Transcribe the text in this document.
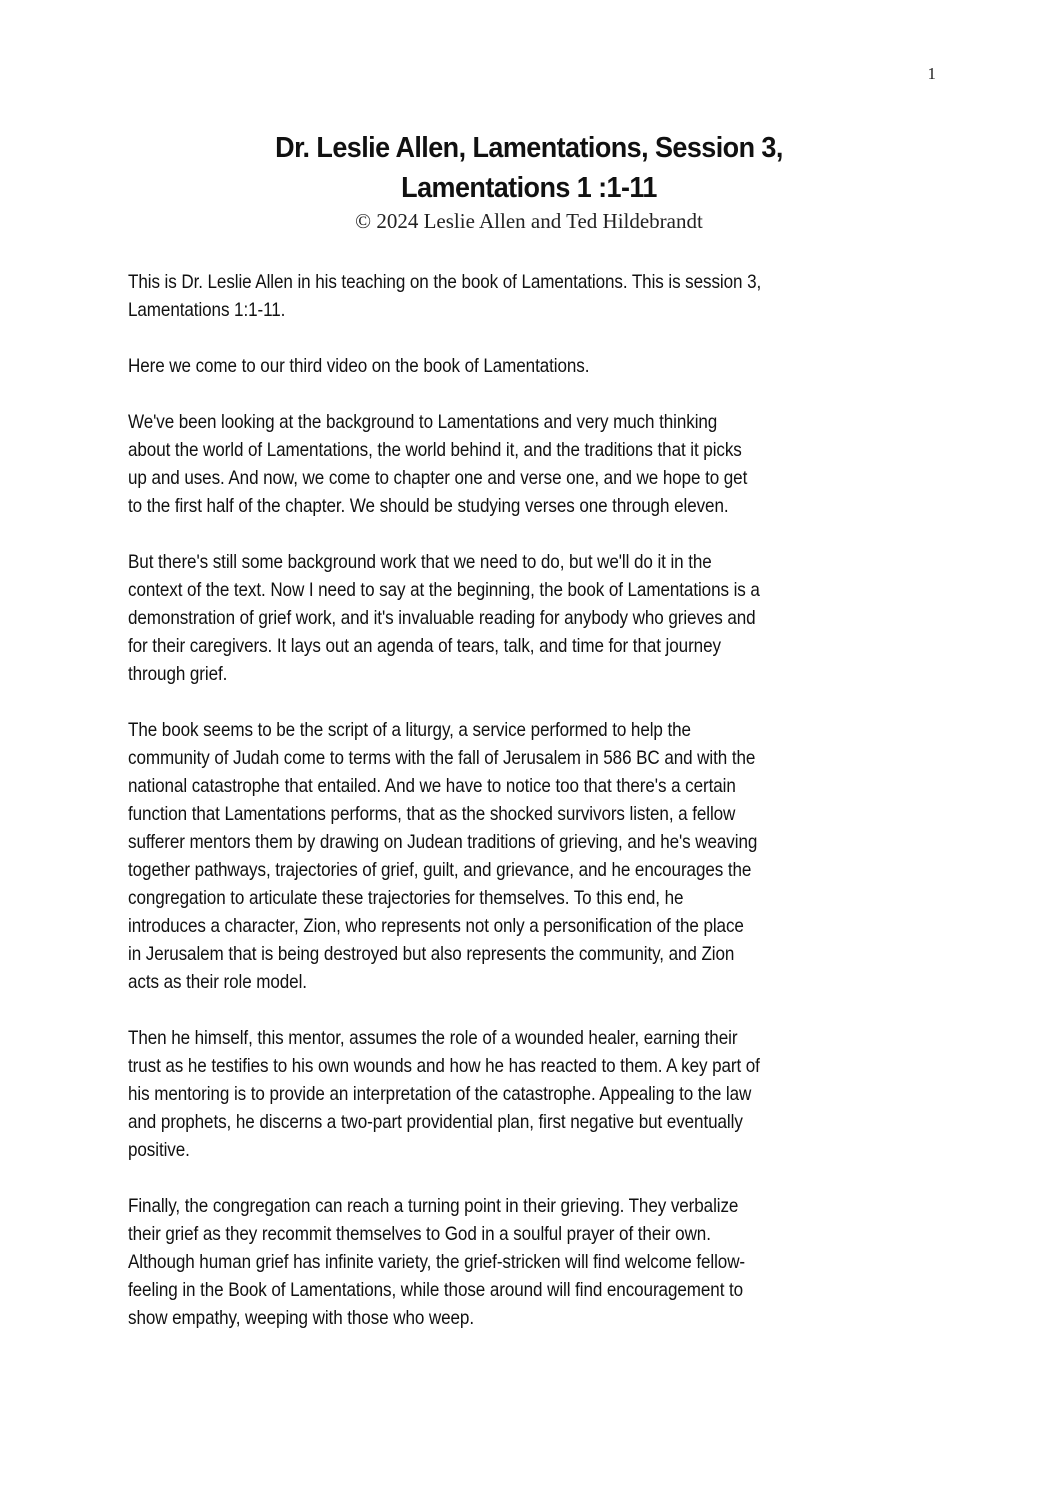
1
Dr. Leslie Allen, Lamentations, Session 3,
Lamentations 1 :1-11
© 2024 Leslie Allen and Ted Hildebrandt

This is Dr. Leslie Allen in his teaching on the book of Lamentations. This is session 3,
Lamentations 1:1-11.

Here we come to our third video on the book of Lamentations.

We've been looking at the background to Lamentations and very much thinking
about the world of Lamentations, the world behind it, and the traditions that it picks
up and uses. And now, we come to chapter one and verse one, and we hope to get
to the first half of the chapter. We should be studying verses one through eleven.

But there's still some background work that we need to do, but we'll do it in the
context of the text. Now I need to say at the beginning, the book of Lamentations is a
demonstration of grief work, and it's invaluable reading for anybody who grieves and
for their caregivers. It lays out an agenda of tears, talk, and time for that journey
through grief.

The book seems to be the script of a liturgy, a service performed to help the
community of Judah come to terms with the fall of Jerusalem in 586 BC and with the
national catastrophe that entailed. And we have to notice too that there's a certain
function that Lamentations performs, that as the shocked survivors listen, a fellow
sufferer mentors them by drawing on Judean traditions of grieving, and he's weaving
together pathways, trajectories of grief, guilt, and grievance, and he encourages the
congregation to articulate these trajectories for themselves. To this end, he
introduces a character, Zion, who represents not only a personification of the place
in Jerusalem that is being destroyed but also represents the community, and Zion
acts as their role model.

Then he himself, this mentor, assumes the role of a wounded healer, earning their
trust as he testifies to his own wounds and how he has reacted to them. A key part of
his mentoring is to provide an interpretation of the catastrophe. Appealing to the law
and prophets, he discerns a two-part providential plan, first negative but eventually
positive.

Finally, the congregation can reach a turning point in their grieving. They verbalize
their grief as they recommit themselves to God in a soulful prayer of their own.
Although human grief has infinite variety, the grief-stricken will find welcome fellow-
feeling in the Book of Lamentations, while those around will find encouragement to
show empathy, weeping with those who weep.
